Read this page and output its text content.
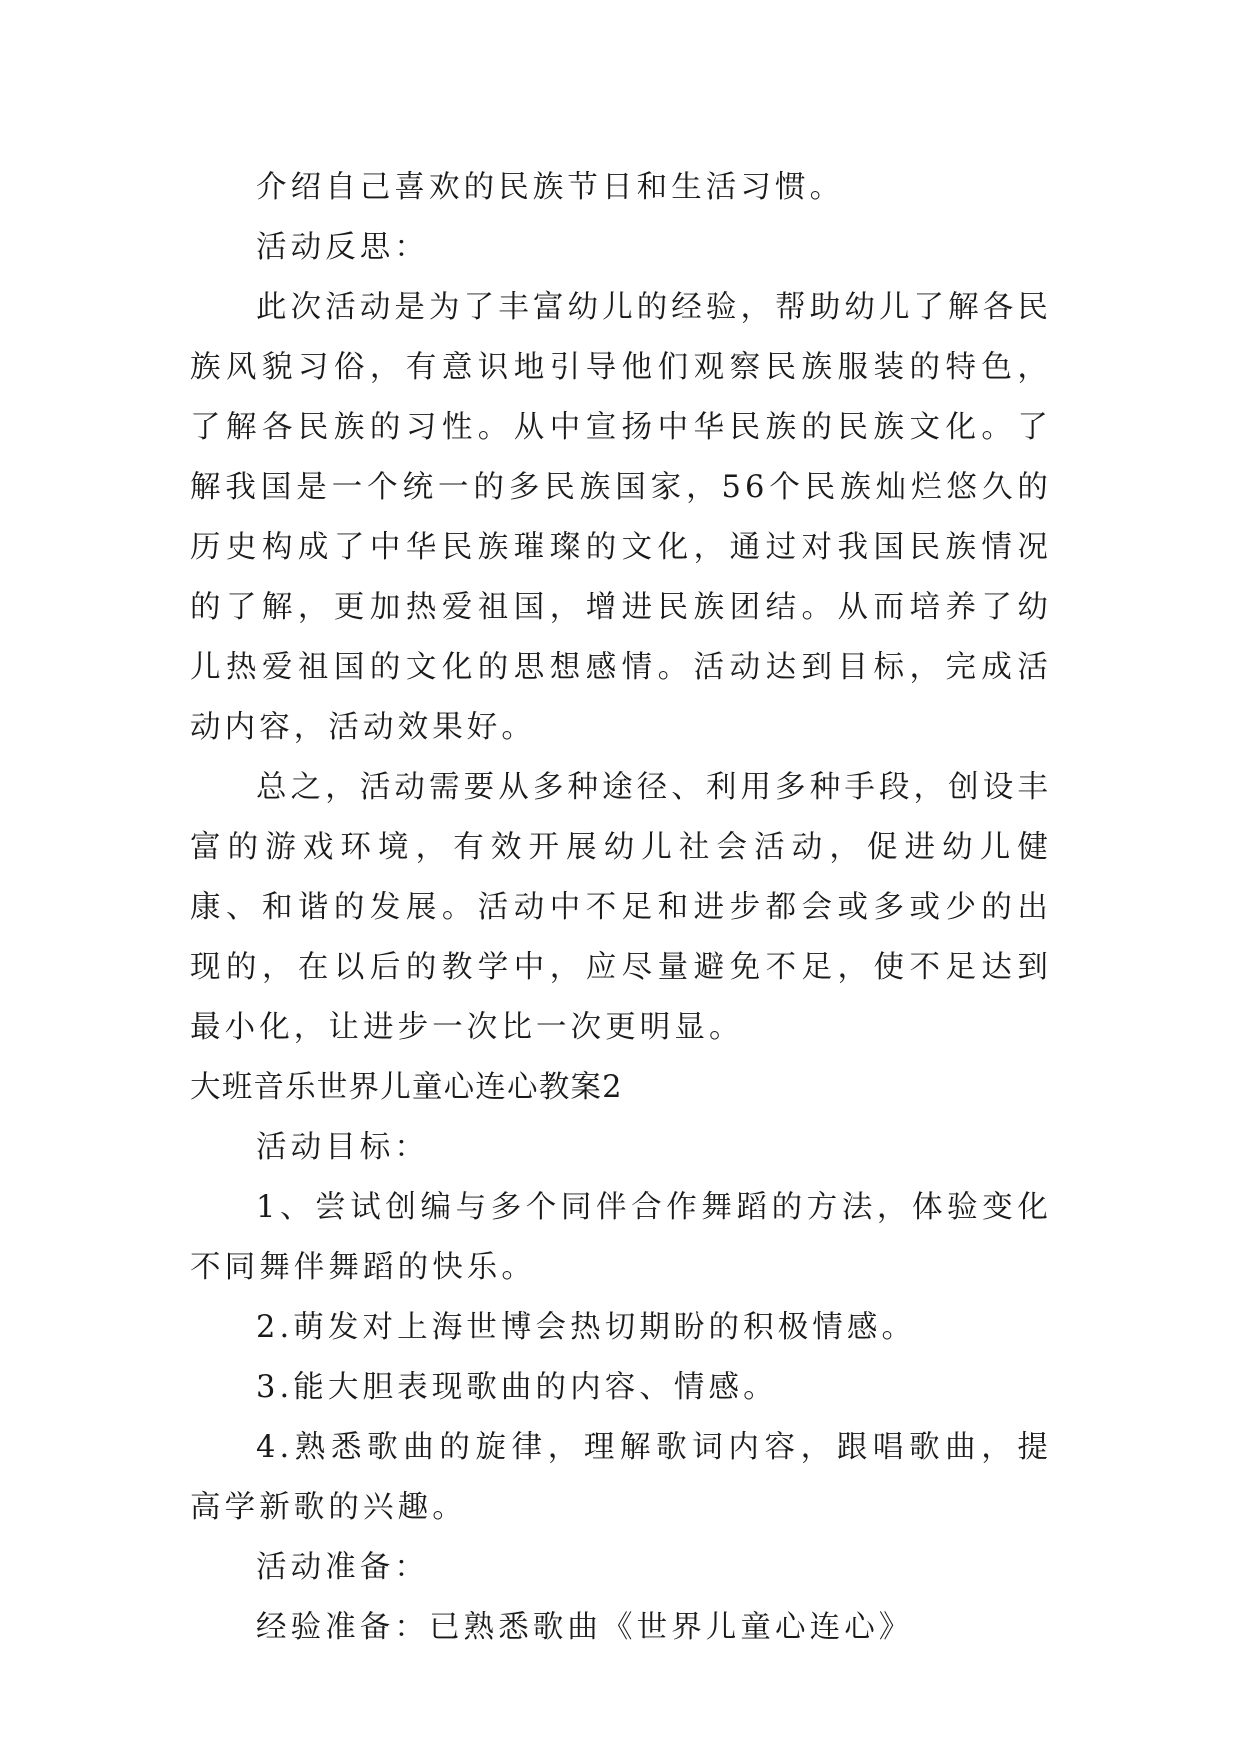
介绍自己喜欢的民族节日和生活习惯。

活动反思：

此次活动是为了丰富幼儿的经验，帮助幼儿了解各民族风貌习俗，有意识地引导他们观察民族服装的特色，了解各民族的习性。从中宣扬中华民族的民族文化。了解我国是一个统一的多民族国家，56个民族灿烂悠久的历史构成了中华民族璀璨的文化，通过对我国民族情况的了解，更加热爱祖国，增进民族团结。从而培养了幼儿热爱祖国的文化的思想感情。活动达到目标，完成活动内容，活动效果好。

总之，活动需要从多种途径、利用多种手段，创设丰富的游戏环境，有效开展幼儿社会活动，促进幼儿健康、和谐的发展。活动中不足和进步都会或多或少的出现的，在以后的教学中，应尽量避免不足，使不足达到最小化，让进步一次比一次更明显。

大班音乐世界儿童心连心教案2

活动目标：

1、尝试创编与多个同伴合作舞蹈的方法，体验变化不同舞伴舞蹈的快乐。

2.萌发对上海世博会热切期盼的积极情感。

3.能大胆表现歌曲的内容、情感。

4.熟悉歌曲的旋律，理解歌词内容，跟唱歌曲，提高学新歌的兴趣。

活动准备：

经验准备：已熟悉歌曲《世界儿童心连心》
